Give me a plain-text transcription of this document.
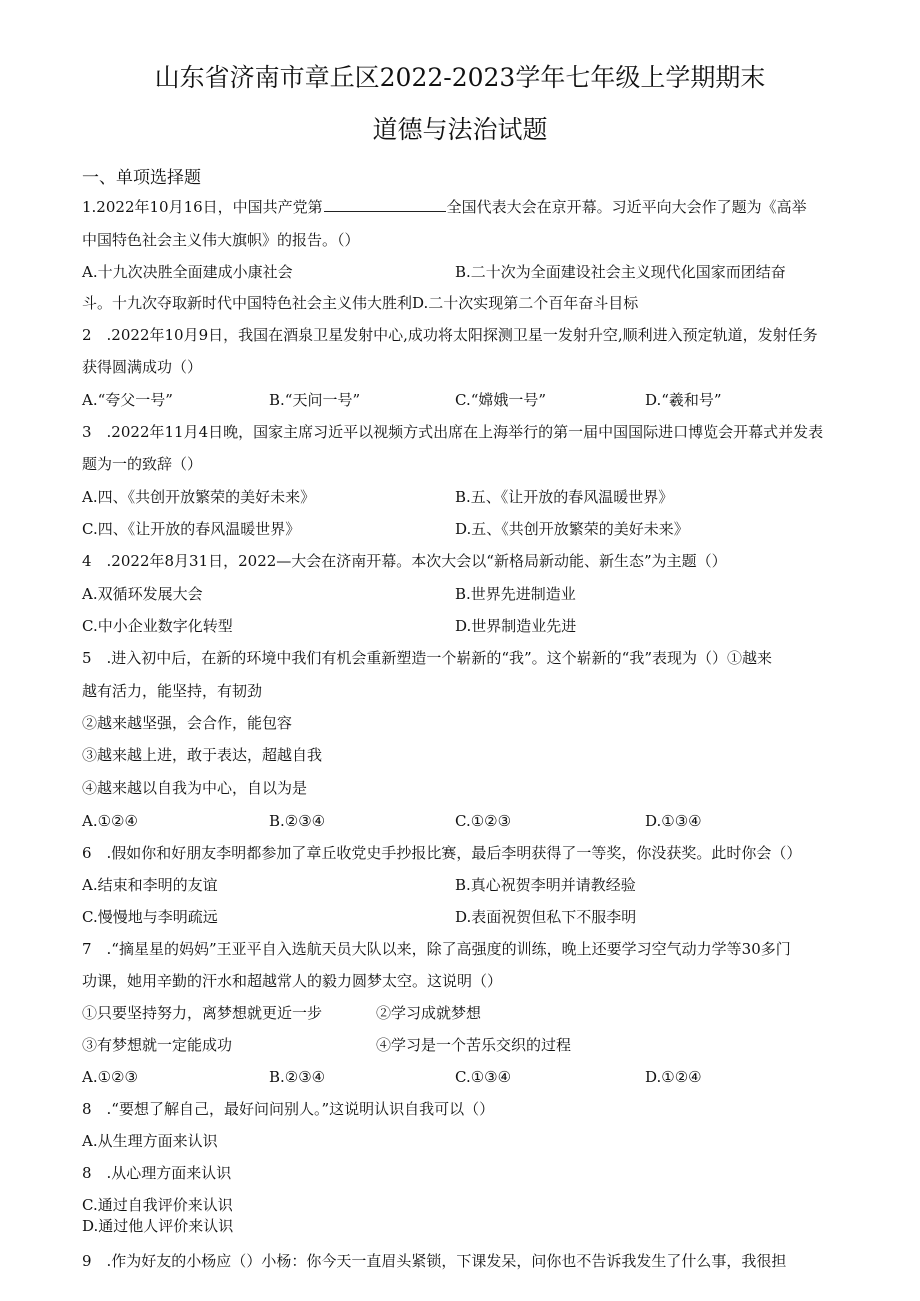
山东省济南市章丘区2022-2023学年七年级上学期期末
道德与法治试题
一、单项选择题
1.2022年10月16日，中国共产党第	全国代表大会在京开幕。习近平向大会作了题为《高举
中国特色社会主义伟大旗帜》的报告。（）
A.十九次决胜全面建成小康社会	B.二十次为全面建设社会主义现代化国家而团结奋
斗。十九次夺取新时代中国特色社会主义伟大胜利D.二十次实现第二个百年奋斗目标
2　.2022年10月9日，我国在酒泉卫星发射中心,成功将太阳探测卫星一发射升空,顺利进入预定轨道，发射任务
获得圆满成功（）
A.“夸父一号”	B.“天问一号”	C.“嫦娥一号”	D.“羲和号”
3　.2022年11月4日晚，国家主席习近平以视频方式出席在上海举行的第一届中国国际进口博览会开幕式并发表
题为一的致辞（）
A.四、《共创开放繁荣的美好未来》	B.五、《让开放的春风温暖世界》
C.四、《让开放的春风温暖世界》	D.五、《共创开放繁荣的美好未来》
4　.2022年8月31日，2022—大会在济南开幕。本次大会以“新格局新动能、新生态”为主题（）
A.双循环发展大会	B.世界先进制造业
C.中小企业数字化转型	D.世界制造业先进
5　.进入初中后，在新的环境中我们有机会重新塑造一个崭新的“我”。这个崭新的“我”表现为（）①越来
越有活力，能坚持，有韧劲
②越来越坚强，会合作，能包容
③越来越上进，敢于表达，超越自我
④越来越以自我为中心，自以为是
A.①②④	B.②③④	C.①②③	D.①③④
6　.假如你和好朋友李明都参加了章丘收党史手抄报比赛，最后李明获得了一等奖，你没获奖。此时你会（）
A.结束和李明的友谊	B.真心祝贺李明并请教经验
C.慢慢地与李明疏远	D.表面祝贺但私下不服李明
7　.“摘星星的妈妈”王亚平自入选航天员大队以来，除了高强度的训练，晚上还要学习空气动力学等30多门
功课，她用辛勤的汗水和超越常人的毅力圆梦太空。这说明（）
①只要坚持努力，离梦想就更近一步	②学习成就梦想
③有梦想就一定能成功	④学习是一个苦乐交织的过程
A.①②③	B.②③④	C.①③④	D.①②④
8　.“要想了解自己，最好问问别人。”这说明认识自我可以（）
A.从生理方面来认识
8　.从心理方面来认识
C.通过自我评价来认识
D.通过他人评价来认识
9　.作为好友的小杨应（）小杨：你今天一直眉头紧锁，下课发呆，问你也不告诉我发生了什么事，我很担
